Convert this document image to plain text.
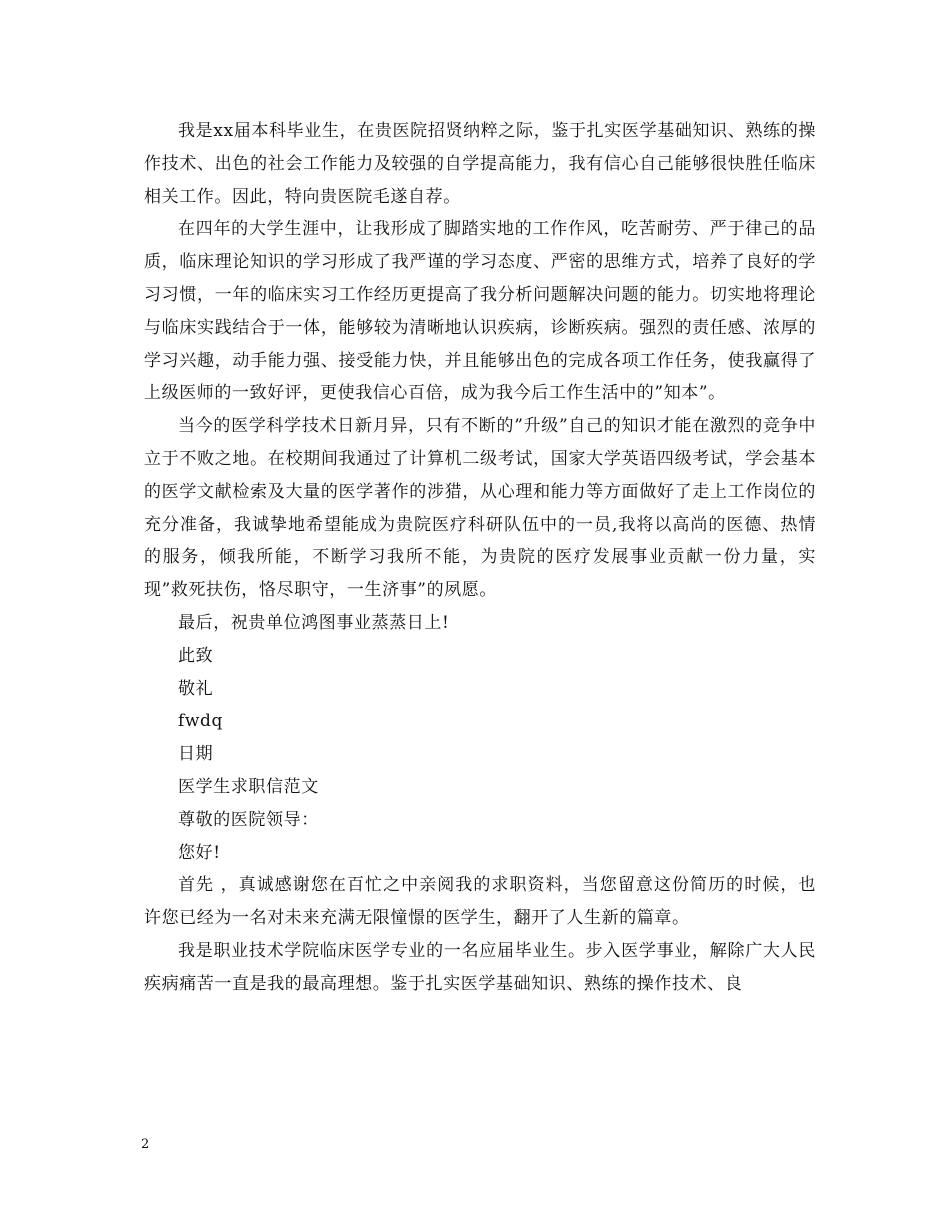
我是xx届本科毕业生，在贵医院招贤纳粹之际，鉴于扎实医学基础知识、熟练的操作技术、出色的社会工作能力及较强的自学提高能力，我有信心自己能够很快胜任临床相关工作。因此，特向贵医院毛遂自荐。

在四年的大学生涯中，让我形成了脚踏实地的工作作风，吃苦耐劳、严于律己的品质，临床理论知识的学习形成了我严谨的学习态度、严密的思维方式，培养了良好的学习习惯，一年的临床实习工作经历更提高了我分析问题解决问题的能力。切实地将理论与临床实践结合于一体，能够较为清晰地认识疾病，诊断疾病。强烈的责任感、浓厚的学习兴趣，动手能力强、接受能力快，并且能够出色的完成各项工作任务，使我赢得了上级医师的一致好评，更使我信心百倍，成为我今后工作生活中的”知本”。

当今的医学科学技术日新月异，只有不断的”升级”自己的知识才能在激烈的竞争中立于不败之地。在校期间我通过了计算机二级考试，国家大学英语四级考试，学会基本的医学文献检索及大量的医学著作的涉猎，从心理和能力等方面做好了走上工作岗位的充分准备，我诚挚地希望能成为贵院医疗科研队伍中的一员,我将以高尚的医德、热情的服务，倾我所能，不断学习我所不能，为贵院的医疗发展事业贡献一份力量，实现”救死扶伤，恪尽职守，一生济事”的夙愿。

最后，祝贵单位鸿图事业蒸蒸日上!

此致

敬礼

fwdq

日期

医学生求职信范文

尊敬的医院领导：

您好!

首先 ，真诚感谢您在百忙之中亲阅我的求职资料，当您留意这份简历的时候，也许您已经为一名对未来充满无限憧憬的医学生，翻开了人生新的篇章。

我是职业技术学院临床医学专业的一名应届毕业生。步入医学事业，解除广大人民疾病痛苦一直是我的最高理想。鉴于扎实医学基础知识、熟练的操作技术、良

2
